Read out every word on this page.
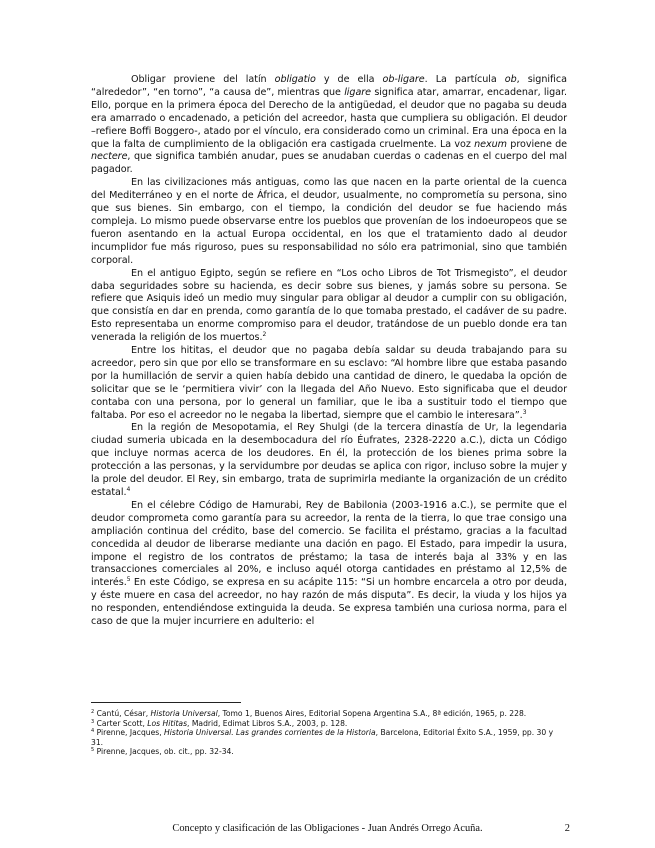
Obligar proviene del latín obligatio y de ella ob-ligare. La partícula ob, significa “alrededor”, “en torno”, “a causa de”, mientras que ligare significa atar, amarrar, encadenar, ligar. Ello, porque en la primera época del Derecho de la antigüedad, el deudor que no pagaba su deuda era amarrado o encadenado, a petición del acreedor, hasta que cumpliera su obligación. El deudor –refiere Boffi Boggero-, atado por el vínculo, era considerado como un criminal. Era una época en la que la falta de cumplimiento de la obligación era castigada cruelmente. La voz nexum proviene de nectere, que significa también anudar, pues se anudaban cuerdas o cadenas en el cuerpo del mal pagador.

En las civilizaciones más antiguas, como las que nacen en la parte oriental de la cuenca del Mediterráneo y en el norte de África, el deudor, usualmente, no comprometía su persona, sino que sus bienes. Sin embargo, con el tiempo, la condición del deudor se fue haciendo más compleja. Lo mismo puede observarse entre los pueblos que provenían de los indoeuropeos que se fueron asentando en la actual Europa occidental, en los que el tratamiento dado al deudor incumplidor fue más riguroso, pues su responsabilidad no sólo era patrimonial, sino que también corporal.

En el antiguo Egipto, según se refiere en “Los ocho Libros de Tot Trismegisto”, el deudor daba seguridades sobre su hacienda, es decir sobre sus bienes, y jamás sobre su persona. Se refiere que Asiquis ideó un medio muy singular para obligar al deudor a cumplir con su obligación, que consistía en dar en prenda, como garantía de lo que tomaba prestado, el cadáver de su padre. Esto representaba un enorme compromiso para el deudor, tratándose de un pueblo donde era tan venerada la religión de los muertos.$^2$

Entre los hititas, el deudor que no pagaba debía saldar su deuda trabajando para su acreedor, pero sin que por ello se transformare en su esclavo: “Al hombre libre que estaba pasando por la humillación de servir a quien había debido una cantidad de dinero, le quedaba la opción de solicitar que se le ‘permitiera vivir’ con la llegada del Año Nuevo. Esto significaba que el deudor contaba con una persona, por lo general un familiar, que le iba a sustituir todo el tiempo que faltaba. Por eso el acreedor no le negaba la libertad, siempre que el cambio le interesara”.$^3$

En la región de Mesopotamia, el Rey Shulgi (de la tercera dinastía de Ur, la legendaria ciudad sumeria ubicada en la desembocadura del río Éufrates, 2328-2220 a.C.), dicta un Código que incluye normas acerca de los deudores. En él, la protección de los bienes prima sobre la protección a las personas, y la servidumbre por deudas se aplica con rigor, incluso sobre la mujer y la prole del deudor. El Rey, sin embargo, trata de suprimirla mediante la organización de un crédito estatal.$^4$

En el célebre Código de Hamurabi, Rey de Babilonia (2003-1916 a.C.), se permite que el deudor comprometa como garantía para su acreedor, la renta de la tierra, lo que trae consigo una ampliación continua del crédito, base del comercio. Se facilita el préstamo, gracias a la facultad concedida al deudor de liberarse mediante una dación en pago. El Estado, para impedir la usura, impone el registro de los contratos de préstamo; la tasa de interés baja al 33% y en las transacciones comerciales al 20%, e incluso aquél otorga cantidades en préstamo al 12,5% de interés.$^5$ En este Código, se expresa en su acápite 115: “Si un hombre encarcela a otro por deuda, y éste muere en casa del acreedor, no hay razón de más disputa”. Es decir, la viuda y los hijos ya no responden, entendiéndose extinguida la deuda. Se expresa también una curiosa norma, para el caso de que la mujer incurriere en adulterio: el

$^2$ Cantú, César, Historia Universal, Tomo 1, Buenos Aires, Editorial Sopena Argentina S.A., 8ª edición, 1965, p. 228.

$^3$ Carter Scott, Los Hititas, Madrid, Edimat Libros S.A., 2003, p. 128.

$^4$ Pirenne, Jacques, Historia Universal. Las grandes corrientes de la Historia, Barcelona, Editorial Éxito S.A., 1959, pp. 30 y 31.

$^5$ Pirenne, Jacques, ob. cit., pp. 32-34.

Concepto y clasificación de las Obligaciones - Juan Andrés Orrego Acuña.	2
